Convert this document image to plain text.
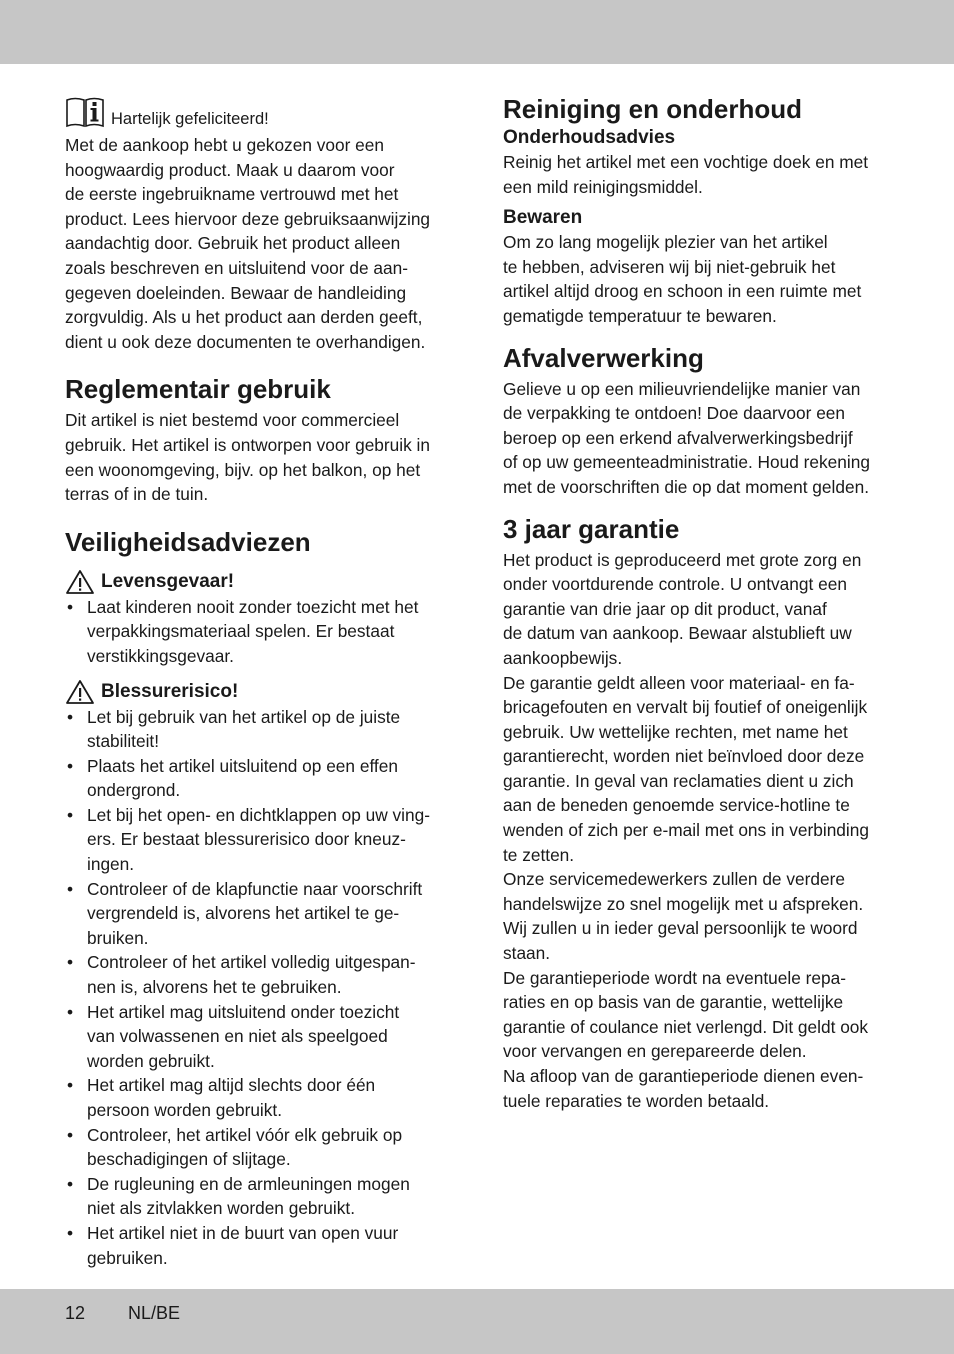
Hartelijk gefeliciteerd!

Met de aankoop hebt u gekozen voor een
hoogwaardig product. Maak u daarom voor
de eerste ingebruikname vertrouwd met het
product. Lees hiervoor deze gebruiksaanwijzing
aandachtig door. Gebruik het product alleen
zoals beschreven en uitsluitend voor de aan-
gegeven doeleinden. Bewaar de handleiding
zorgvuldig. Als u het product aan derden geeft,
dient u ook deze documenten te overhandigen.

Reglementair gebruik

Dit artikel is niet bestemd voor commercieel
gebruik. Het artikel is ontworpen voor gebruik in
een woonomgeving, bijv. op het balkon, op het
terras of in de tuin.

Veiligheidsadviezen
Levensgevaar!
• Laat kinderen nooit zonder toezicht met het
verpakkingsmateriaal spelen. Er bestaat
verstikkingsgevaar.
Blessurerisico!
• Let bij gebruik van het artikel op de juiste
stabiliteit!
• Plaats het artikel uitsluitend op een effen
ondergrond.
• Let bij het open- en dichtklappen op uw ving-
ers. Er bestaat blessurerisico door kneuz-
ingen.
• Controleer of de klapfunctie naar voorschrift
vergrendeld is, alvorens het artikel te ge-
bruiken.
• Controleer of het artikel volledig uitgespan-
nen is, alvorens het te gebruiken.
• Het artikel mag uitsluitend onder toezicht
van volwassenen en niet als speelgoed
worden gebruikt.
• Het artikel mag altijd slechts door één
persoon worden gebruikt.
• Controleer, het artikel vóór elk gebruik op
beschadigingen of slijtage.
• De rugleuning en de armleuningen mogen
niet als zitvlakken worden gebruikt.
• Het artikel niet in de buurt van open vuur
gebruiken.
Reiniging en onderhoud
Onderhoudsadvies

Reinig het artikel met een vochtige doek en met
een mild reinigingsmiddel.

Bewaren

Om zo lang mogelijk plezier van het artikel
te hebben, adviseren wij bij niet-gebruik het
artikel altijd droog en schoon in een ruimte met
gematigde temperatuur te bewaren.

Afvalverwerking

Gelieve u op een milieuvriendelijke manier van
de verpakking te ontdoen! Doe daarvoor een
beroep op een erkend afvalverwerkingsbedrijf
of op uw gemeenteadministratie. Houd rekening
met de voorschriften die op dat moment gelden.

3 jaar garantie

Het product is geproduceerd met grote zorg en
onder voortdurende controle. U ontvangt een
garantie van drie jaar op dit product, vanaf
de datum van aankoop. Bewaar alstublieft uw
aankoopbewijs.
De garantie geldt alleen voor materiaal- en fa-
bricagefouten en vervalt bij foutief of oneigenlijk
gebruik. Uw wettelijke rechten, met name het
garantierecht, worden niet beïnvloed door deze
garantie. In geval van reclamaties dient u zich
aan de beneden genoemde service-hotline te
wenden of zich per e-mail met ons in verbinding
te zetten.
Onze servicemedewerkers zullen de verdere
handelswijze zo snel mogelijk met u afspreken.
Wij zullen u in ieder geval persoonlijk te woord
staan.
De garantieperiode wordt na eventuele repa-
raties en op basis van de garantie, wettelijke
garantie of coulance niet verlengd. Dit geldt ook
voor vervangen en gerepareerde delen.
Na afloop van de garantieperiode dienen even-
tuele reparaties te worden betaald.

12 NL/BE
